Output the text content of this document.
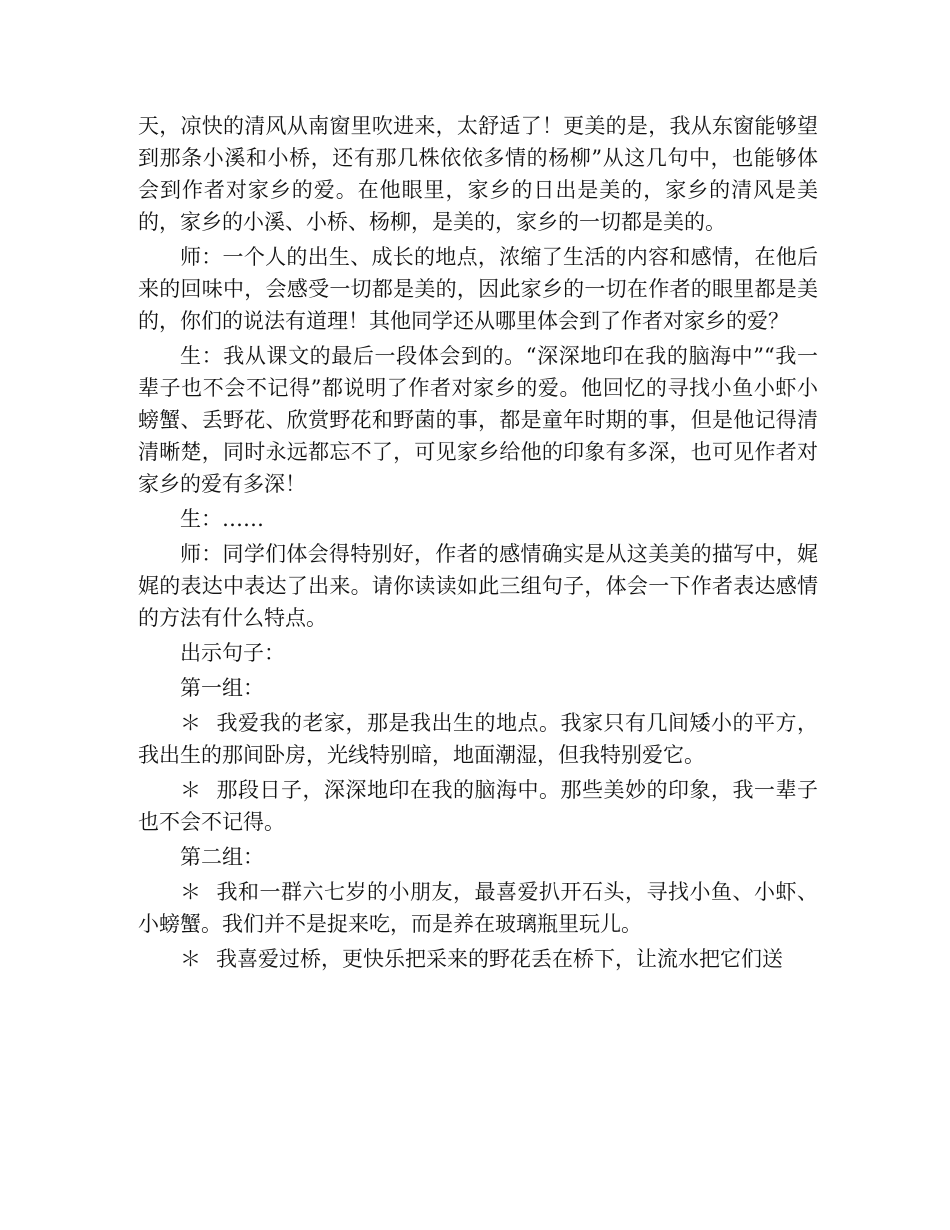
天，凉快的清风从南窗里吹进来，太舒适了！更美的是，我从东窗能够望到那条小溪和小桥，还有那几株依依多情的杨柳”从这几句中，也能够体会到作者对家乡的爱。在他眼里，家乡的日出是美的，家乡的清风是美的，家乡的小溪、小桥、杨柳，是美的，家乡的一切都是美的。

师：一个人的出生、成长的地点，浓缩了生活的内容和感情，在他后来的回味中，会感受一切都是美的，因此家乡的一切在作者的眼里都是美的，你们的说法有道理！其他同学还从哪里体会到了作者对家乡的爱？

生：我从课文的最后一段体会到的。“深深地印在我的脑海中”“我一辈子也不会不记得”都说明了作者对家乡的爱。他回忆的寻找小鱼小虾小螃蟹、丢野花、欣赏野花和野菌的事，都是童年时期的事，但是他记得清清晰楚，同时永远都忘不了，可见家乡给他的印象有多深，也可见作者对家乡的爱有多深！

生：……

师：同学们体会得特别好，作者的感情确实是从这美美的描写中，娓娓的表达中表达了出来。请你读读如此三组句子，体会一下作者表达感情的方法有什么特点。

出示句子：

第一组：

＊ 我爱我的老家，那是我出生的地点。我家只有几间矮小的平方，我出生的那间卧房，光线特别暗，地面潮湿，但我特别爱它。

＊ 那段日子，深深地印在我的脑海中。那些美妙的印象，我一辈子也不会不记得。

第二组：

＊ 我和一群六七岁的小朋友，最喜爱扒开石头，寻找小鱼、小虾、小螃蟹。我们并不是捉来吃，而是养在玻璃瓶里玩儿。

＊ 我喜爱过桥，更快乐把采来的野花丢在桥下，让流水把它们送
